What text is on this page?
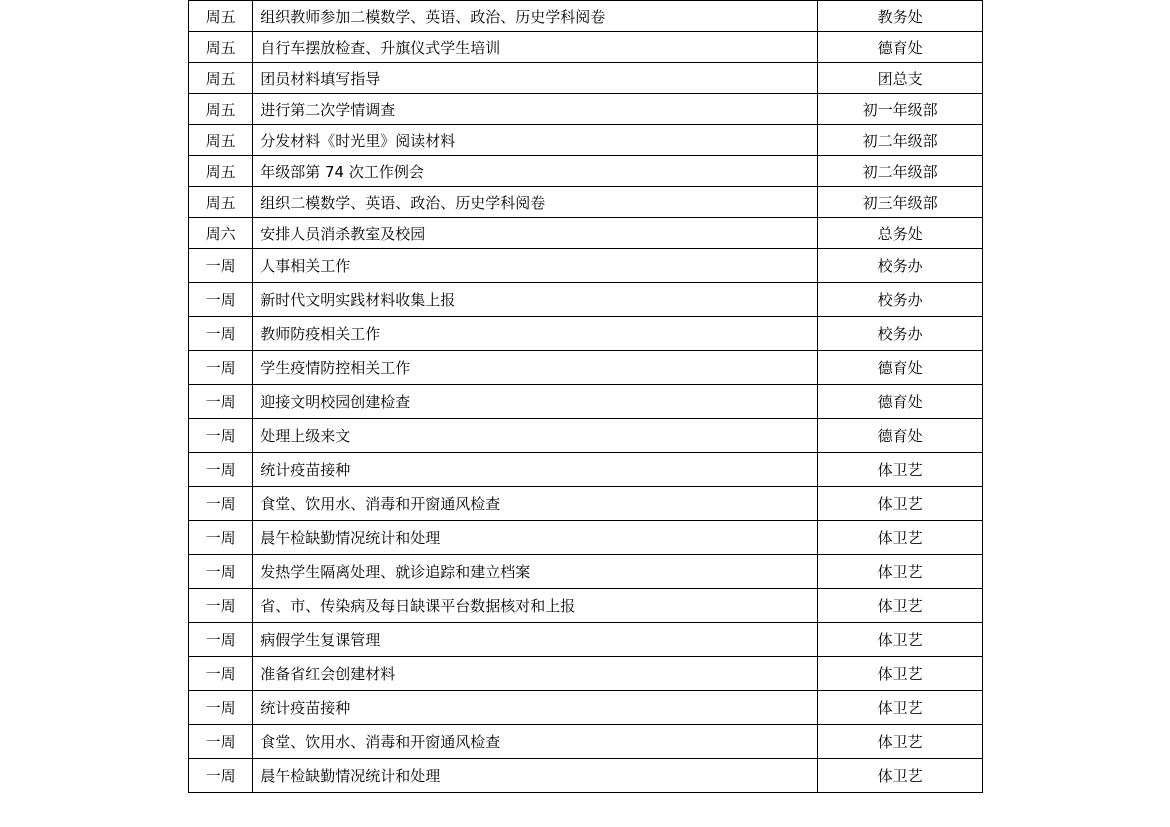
周五	组织教师参加二模数学、英语、政治、历史学科阅卷	教务处
周五	自行车摆放检查、升旗仪式学生培训	德育处
周五	团员材料填写指导	团总支
周五	进行第二次学情调查	初一年级部
周五	分发材料《时光里》阅读材料	初二年级部
周五	年级部第 74 次工作例会	初二年级部
周五	组织二模数学、英语、政治、历史学科阅卷	初三年级部
周六	安排人员消杀教室及校园	总务处
一周	人事相关工作	校务办
一周	新时代文明实践材料收集上报	校务办
一周	教师防疫相关工作	校务办
一周	学生疫情防控相关工作	德育处
一周	迎接文明校园创建检查	德育处
一周	处理上级来文	德育处
一周	统计疫苗接种	体卫艺
一周	食堂、饮用水、消毒和开窗通风检查	体卫艺
一周	晨午检缺勤情况统计和处理	体卫艺
一周	发热学生隔离处理、就诊追踪和建立档案	体卫艺
一周	省、市、传染病及每日缺课平台数据核对和上报	体卫艺
一周	病假学生复课管理	体卫艺
一周	准备省红会创建材料	体卫艺
一周	统计疫苗接种	体卫艺
一周	食堂、饮用水、消毒和开窗通风检查	体卫艺
一周	晨午检缺勤情况统计和处理	体卫艺
